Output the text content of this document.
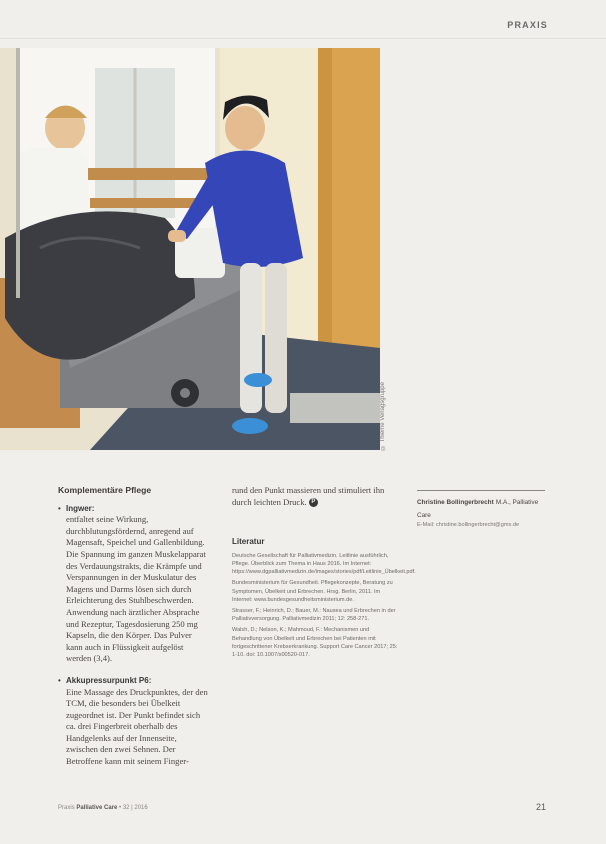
PRAXIS
© Thieme Verlagsgruppe
Komplementäre Pflege
• Ingwer:
entfaltet seine Wirkung, durchblutungsfördernd, anregend auf Magensaft, Speichel und Gallenbildung. Die Spannung im ganzen Muskelapparat des Verdauungstrakts, die Krämpfe und Verspannungen in der Muskulatur des Magens und Darms lösen sich durch Erleichterung des Stuhlbeschwerden. Anwendung nach ärztlicher Absprache und Rezeptur, Tagesdosierung 250 mg Kapseln, die den Körper. Das Pulver kann auch in Flüssigkeit aufgelöst werden (3,4).
• Akkupressurpunkt P6:
Eine Massage des Druckpunktes, der den TCM, die besonders bei Übelkeit zugeordnet ist. Der Punkt befindet sich ca. drei Fingerbreit oberhalb des Handgelenks auf der Innenseite, zwischen den zwei Sehnen. Der Betroffene kann mit seinem Finger-
rund den Punkt massieren und stimuliert ihn durch leichten Druck. P
Literatur
Deutsche Gesellschaft für Palliativmedizin. Leitlinie ausführlich, Pflege. Überblick zum Thema in Haus 2016. Im Internet: https://www.dgpalliativmedizin.de/images/stories/pdf/Leitlinie_Übelkeit.pdf.
Bundesministerium für Gesundheit. Pflegekonzepte, Beratung zu Symptomen, Übelkeit und Erbrechen. Hrsg. Berlin, 2011. Im Internet: www.bundesgesundheitsministerium.de.
Strasser, F.; Heinrich, D.; Bauer, M.: Nausea und Erbrechen in der Palliativversorgung. Palliativmedizin 2011; 12: 258-271.
Walsh, D.; Nelson, K.; Mahmoud, F.: Mechanismen und Behandlung von Übelkeit und Erbrechen bei Patienten mit fortgeschrittener Krebserkrankung. Support Care Cancer 2017; 25: 1-10. doi: 10.1007/s00520-017.
Christine Bollingerbrecht M.A., Palliative Care
E-Mail: christine.bollingerbrecht@gmx.de
Praxis Palliative Care • 32 | 2016	21
